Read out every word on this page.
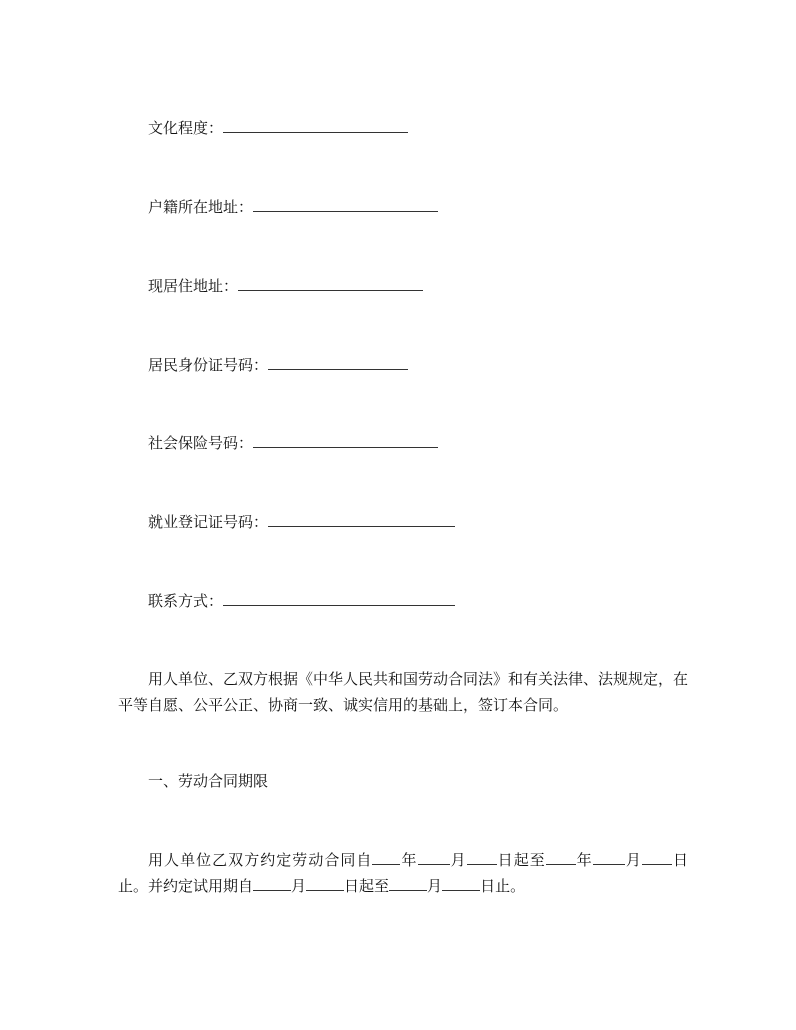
文化程度：
户籍所在地址：
现居住地址：
居民身份证号码：
社会保险号码：
就业登记证号码：
联系方式：
用人单位、乙双方根据《中华人民共和国劳动合同法》和有关法律、法规规定，在平等自愿、公平公正、协商一致、诚实信用的基础上，签订本合同。
一、劳动合同期限
用人单位乙双方约定劳动合同自 年 月 日起至 年 月 日止。并约定试用期自	月	日起至	月	日止。
